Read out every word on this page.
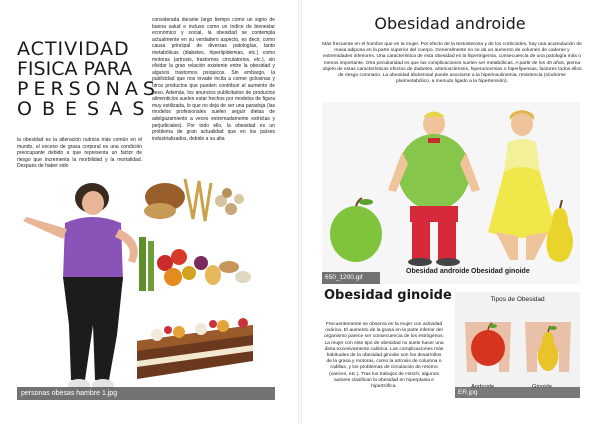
ACTIVIDAD
FISICA PARA
PERSONAS
OBESAS

la obesidad es la alteración nutricia más común en el mundo, el exceso de grasa corporal es una condición preocupante debido a que representa un factor de riesgo que incrementa la morbilidad y la mortalidad. Después de haber sido

considerada durante largo tiempo como un signo de buena salud e incluso como un índice de bienestar económico y social, la obesidad se contempla actualmente en su verdadero aspecto, es decir, como causa principal de diversas patologías, tanto metabólicas (diabetes, hiperlipidemias, etc.) como motoras (artrosis, trastornos circulatorios, etc.), sin olvidar la gran relación existente entre la obesidad y algunos trastornos psíquicos. Sin embargo, la publicidad que nos invade incita a comer golosinas y otros productos que pueden contribuir al aumento de peso. Además, los anuncios publicitarios de productos alimenticios suelen estar hechos por modelos de figura muy estilizada, lo que no deja de ser una paradoja (las modelos profesionales suelen seguir dietas de adelgazamiento a veces extremadamente estrictas y perjudiciales). Por todo ello, la obesidad es un problema de gran actualidad que en los países industrializados, debido a su alta

personas obesas hambre 1.jpg
Obesidad androide

Más frecuente en el hombre que en la mujer. Por efecto de la testosterona y de los corticoides, hay una acumulación de masa adiposa en la parte superior del cuerpo. Generalmente no se da un aumento de volumen de caderas y extremidades inferiores. Una característica de esta obesidad es la hipertrigemia, consecuencia de una patología más o menos importante. Otra peculiaridad es que las complicaciones suelen ser metabólicas. A partir de los 40 años, pierna objeto de estas características efectos de diabetes, arteriosclerosis, hiperuricemias o hiperlipemias, factores todos ellos de riesgo coronario. La obesidad abdominal puede asociarse a la hiperinsulinemia, resistencia (síndrome plurimetabólico, a menudo ligado a la hipertensión).

Obesidad androide Obesidad ginoide
650_1200.gif
Obesidad ginoide

Frecuentemente se observa en la mujer con actividad ovárica. El aumento de la grasa en la parte inferior del organismo parece ser consecuencia de los estrógenos. La mujer con este tipo de obesidad no suele hacer una dieta excesivamente calórica. Las complicaciones más habituales de la obesidad ginoide son los desarrollos de la grasa y motoras, como la artrosis de columna o rodillas, y los problemas de circulación de retorno (varices, etc.). Tras los trabajos de Hirsch, algunos autores clasifican la obesidad en hiperplasia e hipertrófica.

Tipos de Obesidad
ER.jpg
